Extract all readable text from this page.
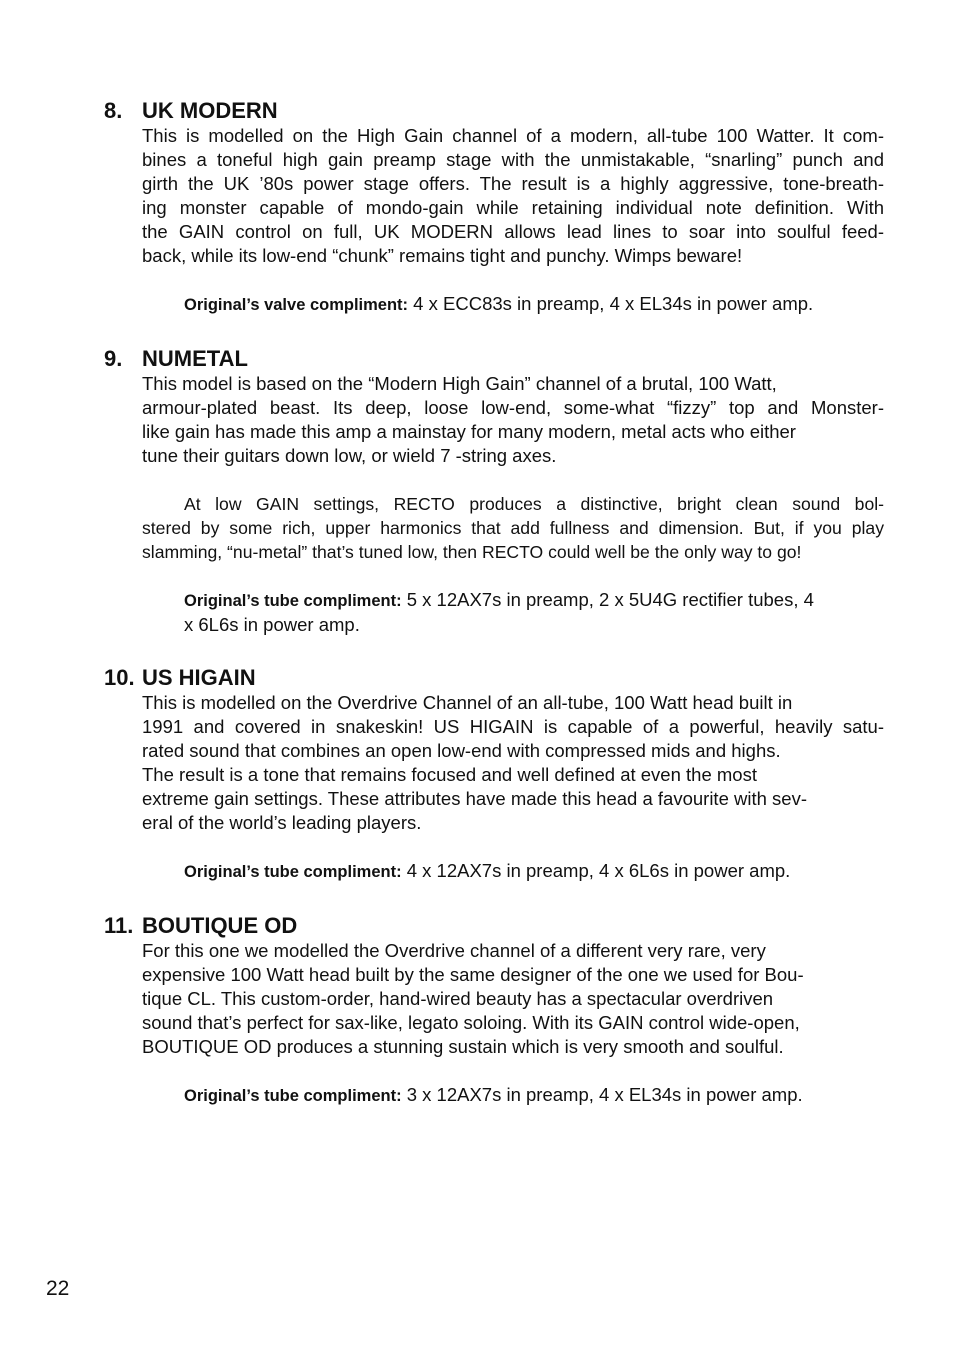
8. UK MODERN
This is modelled on the High Gain channel of a modern, all-tube 100 Watter. It com-
bines a toneful high gain preamp stage with the unmistakable, “snarling” punch and
girth the UK ’80s power stage offers. The result is a highly aggressive, tone-breath-
ing monster capable of mondo-gain while retaining individual note definition. With
the GAIN control on full, UK MODERN allows lead lines to soar into soulful feed-
back, while its low-end “chunk” remains tight and punchy. Wimps beware!
Original’s valve compliment: 4 x ECC83s in preamp, 4 x EL34s in power amp.
9. NUMETAL
This model is based on the “Modern High Gain” channel of a brutal, 100 Watt,
armour-plated beast. Its deep, loose low-end, some-what “fizzy” top and Monster-
like gain has made this amp a mainstay for many modern, metal acts who either
tune their guitars down low, or wield 7 -string axes.
At low GAIN settings, RECTO produces a distinctive, bright clean sound bol-
stered by some rich, upper harmonics that add fullness and dimension. But, if you play
slamming, “nu-metal” that’s tuned low, then RECTO could well be the only way to go!
Original’s tube compliment: 5 x 12AX7s in preamp, 2 x 5U4G rectifier tubes, 4
x 6L6s in power amp.
10. US HIGAIN
This is modelled on the Overdrive Channel of an all-tube, 100 Watt head built in
1991 and covered in snakeskin! US HIGAIN is capable of a powerful, heavily satu-
rated sound that combines an open low-end with compressed mids and highs.
The result is a tone that remains focused and well defined at even the most
extreme gain settings. These attributes have made this head a favourite with sev-
eral of the world’s leading players.
Original’s tube compliment: 4 x 12AX7s in preamp, 4 x 6L6s in power amp.
11. BOUTIQUE OD
For this one we modelled the Overdrive channel of a different very rare, very
expensive 100 Watt head built by the same designer of the one we used for Bou-
tique CL. This custom-order, hand-wired beauty has a spectacular overdriven
sound that’s perfect for sax-like, legato soloing. With its GAIN control wide-open,
BOUTIQUE OD produces a stunning sustain which is very smooth and soulful.
Original’s tube compliment: 3 x 12AX7s in preamp, 4 x EL34s in power amp.
22
